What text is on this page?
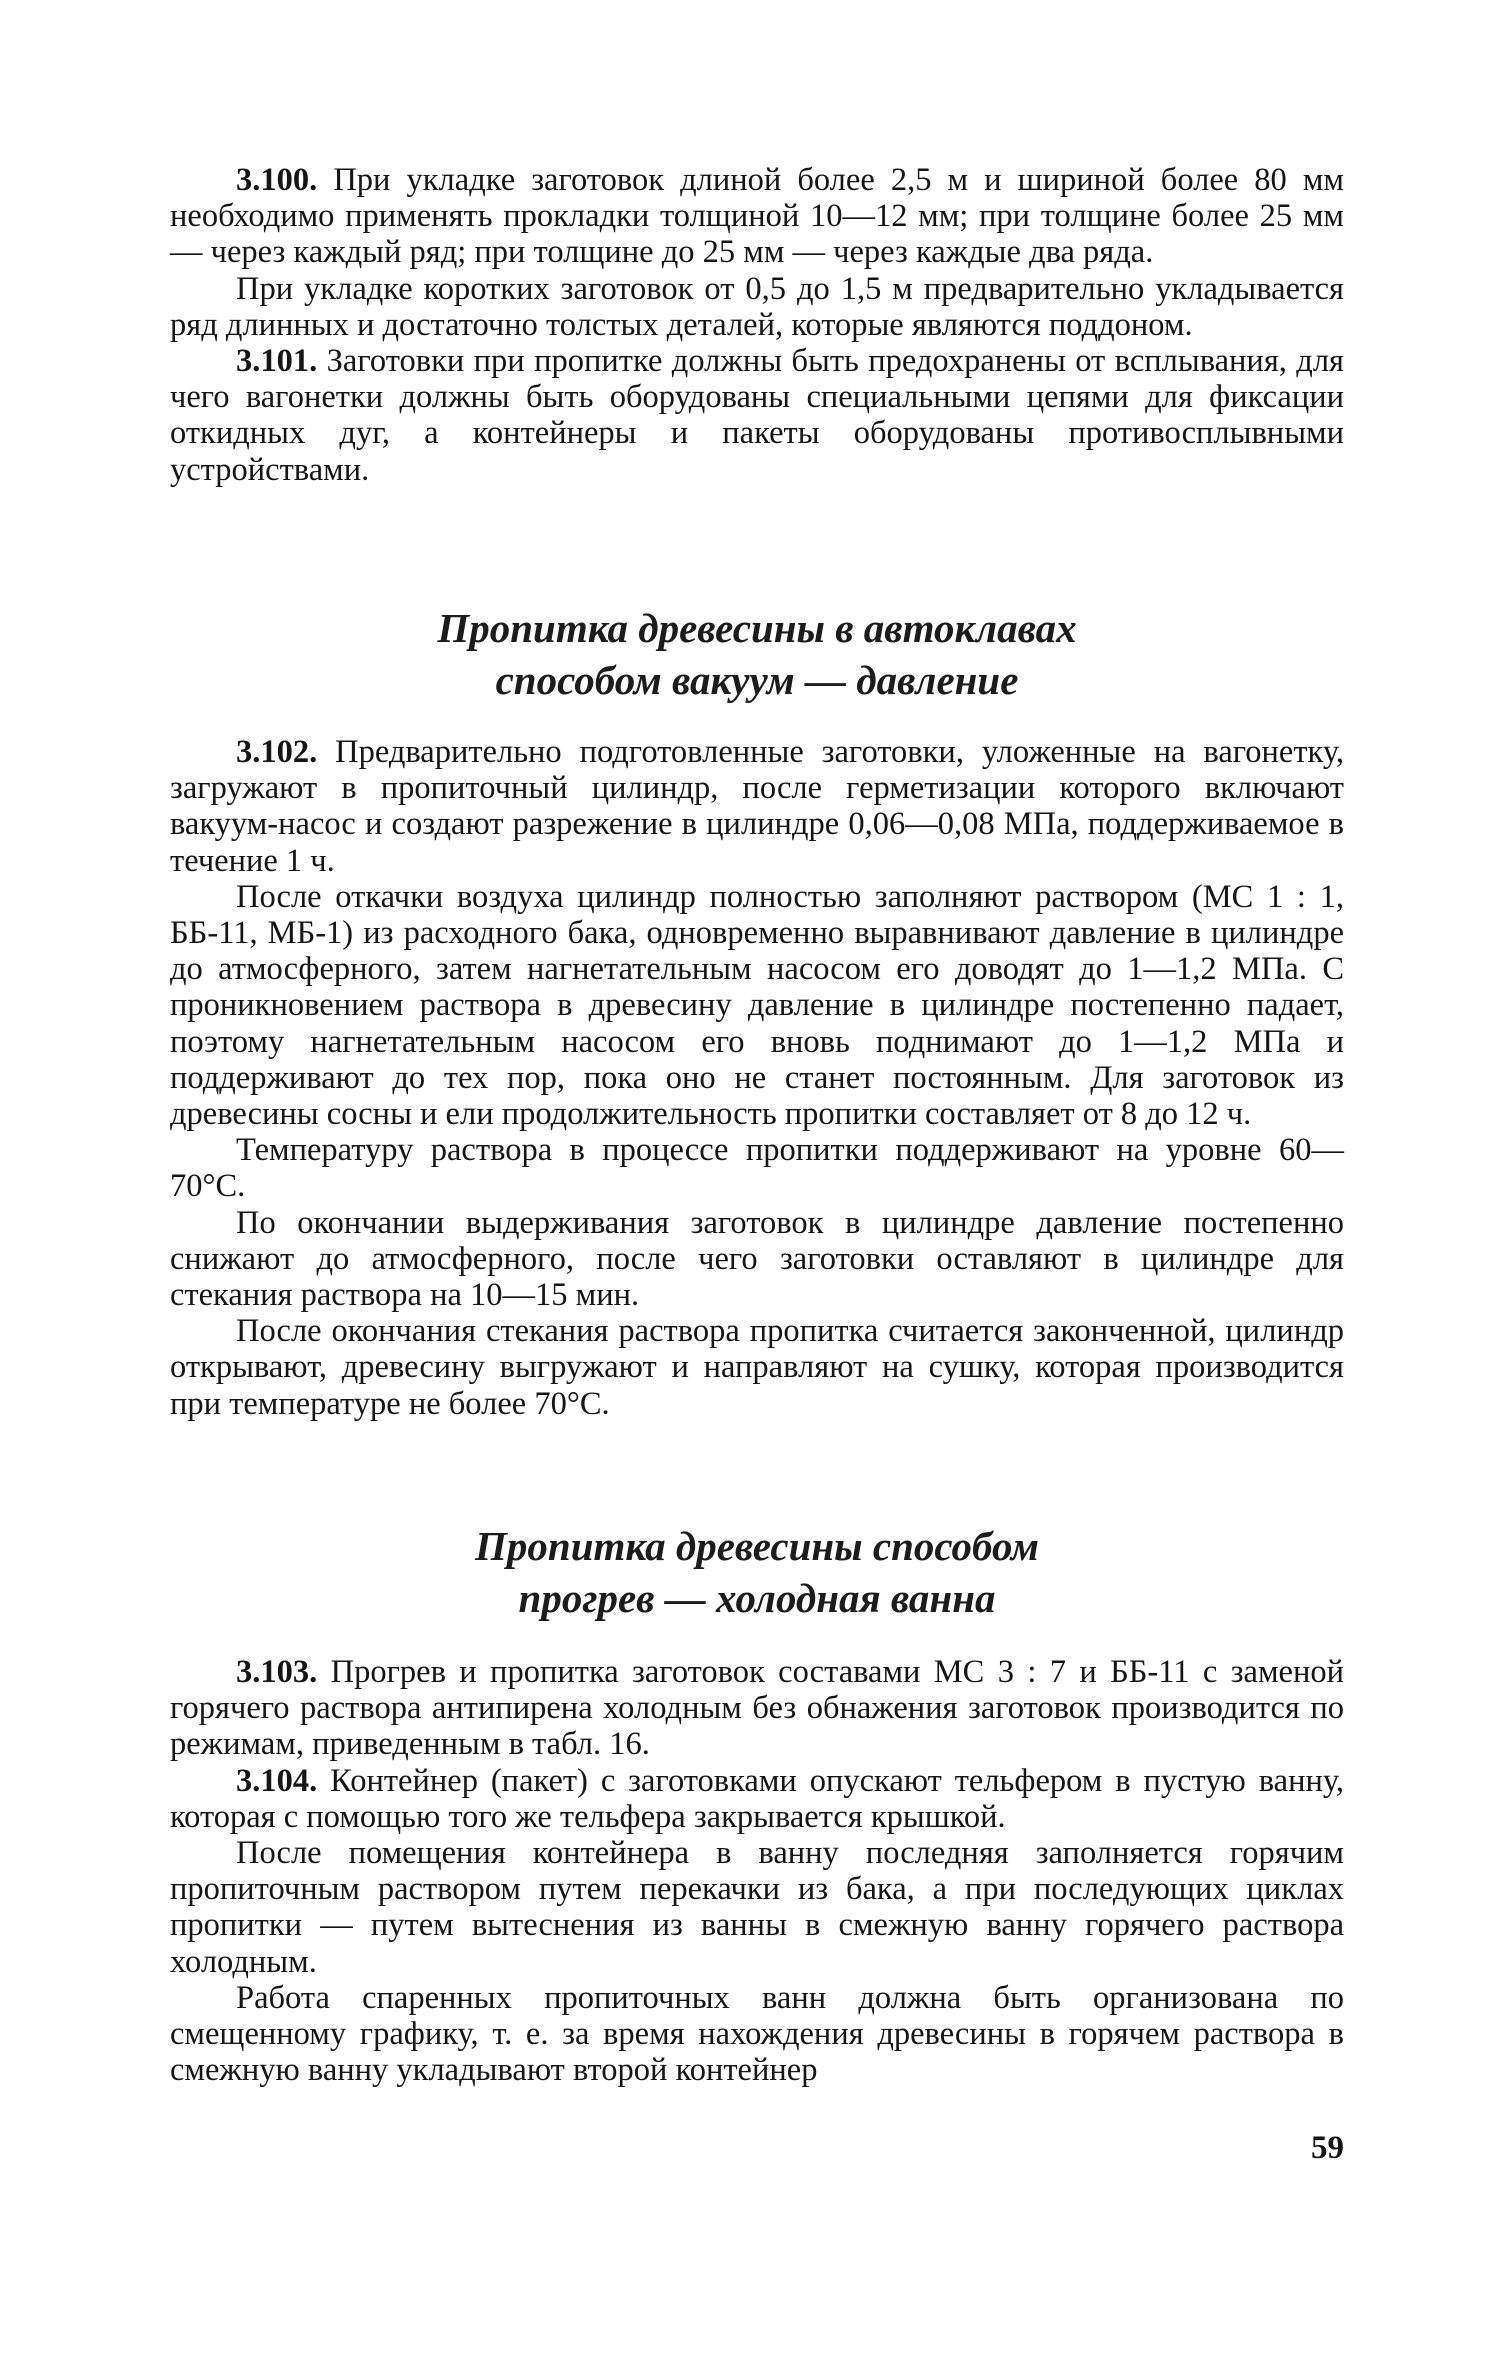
3.100. При укладке заготовок длиной более 2,5 м и шириной более 80 мм необходимо применять прокладки толщиной 10—12 мм; при толщине более 25 мм — через каждый ряд; при толщине до 25 мм — через каждые два ряда.

При укладке коротких заготовок от 0,5 до 1,5 м предварительно укладывается ряд длинных и достаточно толстых деталей, которые являются поддоном.

3.101. Заготовки при пропитке должны быть предохранены от всплывания, для чего вагонетки должны быть оборудованы специальными цепями для фиксации откидных дуг, а контейнеры и пакеты оборудованы противосплывными устройствами.

Пропитка древесины в автоклавах
способом вакуум — давление

3.102. Предварительно подготовленные заготовки, уложенные на вагонетку, загружают в пропиточный цилиндр, после герметизации которого включают вакуум-насос и создают разрежение в цилиндре 0,06—0,08 МПа, поддерживаемое в течение 1 ч.

После откачки воздуха цилиндр полностью заполняют раствором (МС 1 : 1, ББ-11, МБ-1) из расходного бака, одновременно выравнивают давление в цилиндре до атмосферного, затем нагнетательным насосом его доводят до 1—1,2 МПа. С проникновением раствора в древесину давление в цилиндре постепенно падает, поэтому нагнетательным насосом его вновь поднимают до 1—1,2 МПа и поддерживают до тех пор, пока оно не станет постоянным. Для заготовок из древесины сосны и ели продолжительность пропитки составляет от 8 до 12 ч.

Температуру раствора в процессе пропитки поддерживают на уровне 60—70°С.

По окончании выдерживания заготовок в цилиндре давление постепенно снижают до атмосферного, после чего заготовки оставляют в цилиндре для стекания раствора на 10—15 мин.

После окончания стекания раствора пропитка считается законченной, цилиндр открывают, древесину выгружают и направляют на сушку, которая производится при температуре не более 70°С.

Пропитка древесины способом
прогрев — холодная ванна

3.103. Прогрев и пропитка заготовок составами МС 3 : 7 и ББ-11 с заменой горячего раствора антипирена холодным без обнажения заготовок производится по режимам, приведенным в табл. 16.

3.104. Контейнер (пакет) с заготовками опускают тельфером в пустую ванну, которая с помощью того же тельфера закрывается крышкой.

После помещения контейнера в ванну последняя заполняется горячим пропиточным раствором путем перекачки из бака, а при последующих циклах пропитки — путем вытеснения из ванны в смежную ванну горячего раствора холодным.

Работа спаренных пропиточных ванн должна быть организована по смещенному графику, т. е. за время нахождения древесины в горячем раствора в смежную ванну укладывают второй контейнер

59
